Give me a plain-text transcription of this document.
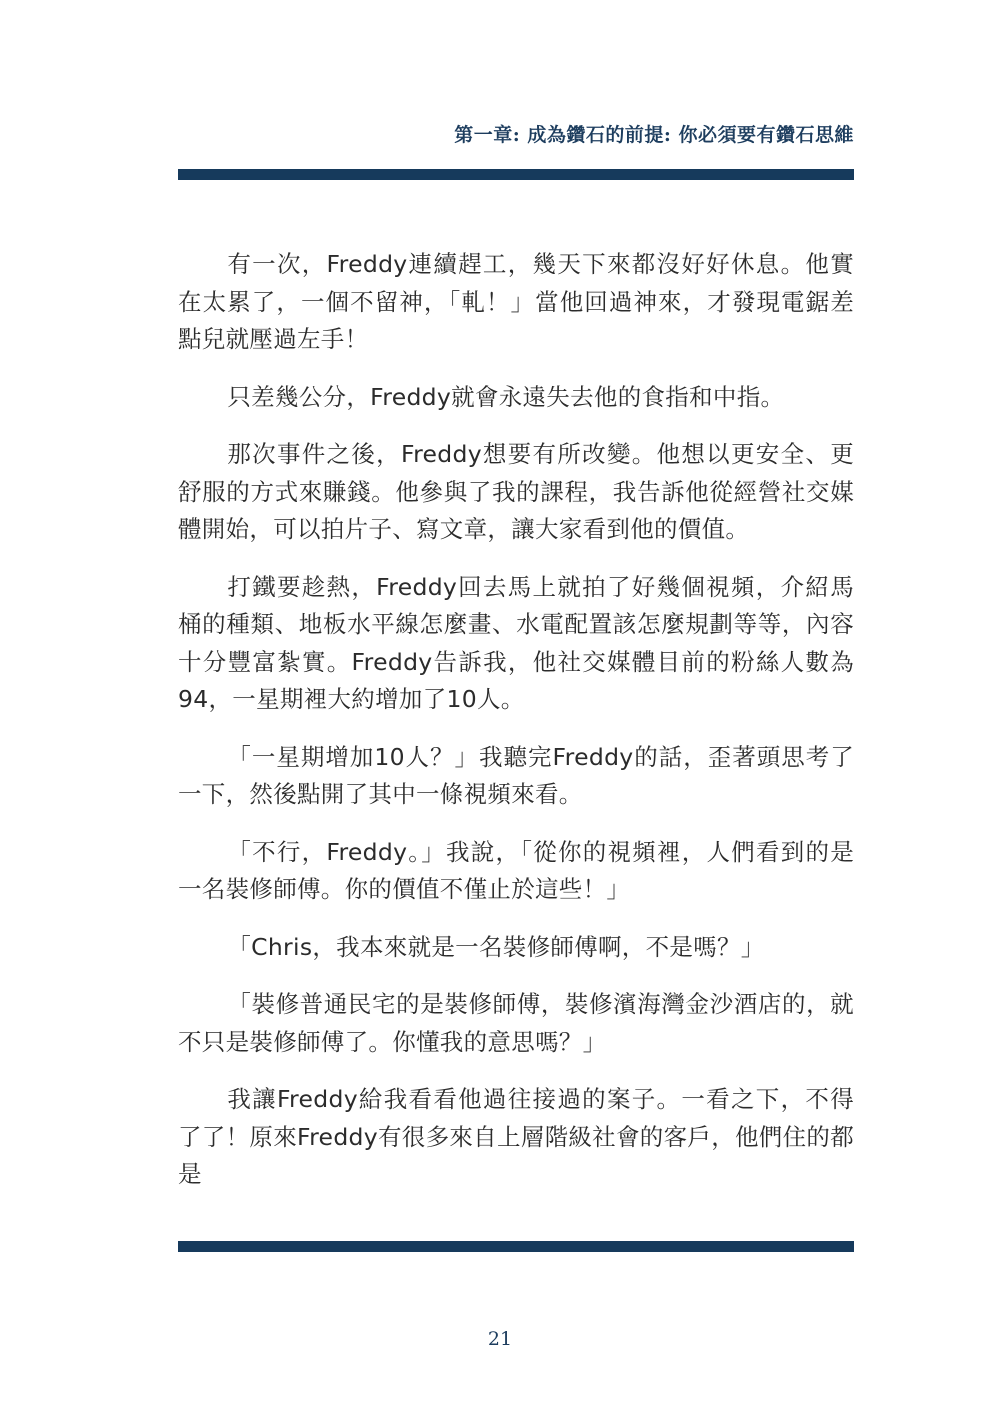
第一章: 成為鑽石的前提: 你必須要有鑽石思維

有一次，Freddy連續趕工，幾天下來都沒好好休息。他實在太累了，一個不留神，「軋！」當他回過神來，才發現電鋸差點兒就壓過左手！

只差幾公分，Freddy就會永遠失去他的食指和中指。

那次事件之後，Freddy想要有所改變。他想以更安全、更舒服的方式來賺錢。他參與了我的課程，我告訴他從經營社交媒體開始，可以拍片子、寫文章，讓大家看到他的價值。

打鐵要趁熱，Freddy回去馬上就拍了好幾個視頻，介紹馬桶的種類、地板水平線怎麼畫、水電配置該怎麼規劃等等，內容十分豐富紮實。Freddy告訴我，他社交媒體目前的粉絲人數為94，一星期裡大約增加了10人。

「一星期增加10人？」我聽完Freddy的話，歪著頭思考了一下，然後點開了其中一條視頻來看。

「不行，Freddy。」我說，「從你的視頻裡，人們看到的是一名裝修師傅。你的價值不僅止於這些！」

「Chris，我本來就是一名裝修師傅啊，不是嗎？」

「裝修普通民宅的是裝修師傅，裝修濱海灣金沙酒店的，就不只是裝修師傅了。你懂我的意思嗎？」

我讓Freddy給我看看他過往接過的案子。一看之下，不得了了！原來Freddy有很多來自上層階級社會的客戶，他們住的都是

21
